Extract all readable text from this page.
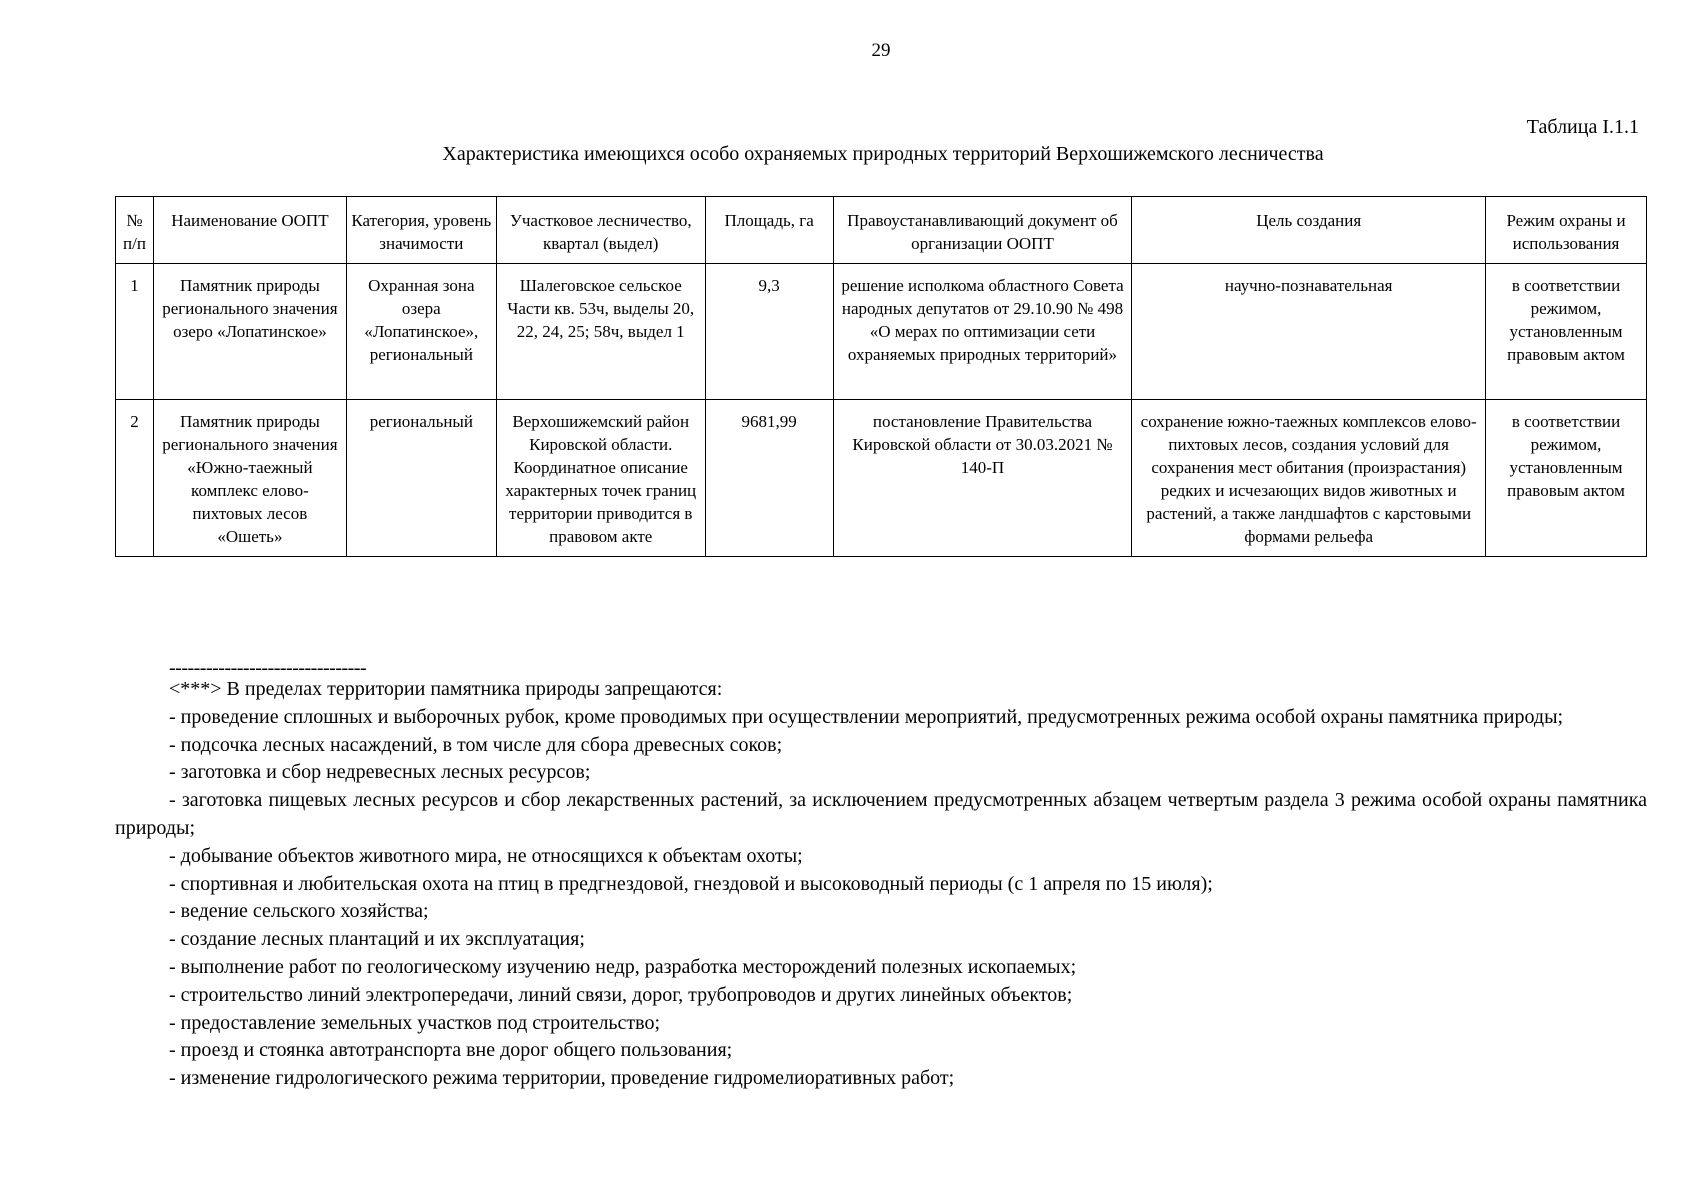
29
Таблица I.1.1
Характеристика имеющихся особо охраняемых природных территорий Верхошижемского лесничества
№ п/п	Наименование ООПТ	Категория, уровень значимости	Участковое лесничество, квартал (выдел)	Площадь, га	Правоустанавливающий документ об организации ООПТ	Цель создания	Режим охраны и использования
1	Памятник природы регионального значения озеро «Лопатинское»	Охранная зона озера «Лопатинское», региональный	Шалеговское сельское Части кв. 53ч, выделы 20, 22, 24, 25; 58ч, выдел 1	9,3	решение исполкома областного Совета народных депутатов от 29.10.90 № 498 «О мерах по оптимизации сети охраняемых природных территорий»	научно-познавательная	в соответствии режимом, установленным правовым актом
2	Памятник природы регионального значения «Южно-таежный комплекс елово-пихтовых лесов «Ошеть»	региональный	Верхошижемский район Кировской области. Координатное описание характерных точек границ территории приводится в правовом акте	9681,99	постановление Правительства Кировской области от 30.03.2021 № 140-П	сохранение южно-таежных комплексов елово-пихтовых лесов, создания условий для сохранения мест обитания (произрастания) редких и исчезающих видов животных и растений, а также ландшафтов с карстовыми формами рельефа	в соответствии режимом, установленным правовым актом

--------------------------------

<***> В пределах территории памятника природы запрещаются:

- проведение сплошных и выборочных рубок, кроме проводимых при осуществлении мероприятий, предусмотренных режима особой охраны памятника природы;

- подсочка лесных насаждений, в том числе для сбора древесных соков;

- заготовка и сбор недревесных лесных ресурсов;

- заготовка пищевых лесных ресурсов и сбор лекарственных растений, за исключением предусмотренных абзацем четвертым раздела 3 режима особой охраны памятника природы;

- добывание объектов животного мира, не относящихся к объектам охоты;

- спортивная и любительская охота на птиц в предгнездовой, гнездовой и высоководный периоды (с 1 апреля по 15 июля);

- ведение сельского хозяйства;

- создание лесных плантаций и их эксплуатация;

- выполнение работ по геологическому изучению недр, разработка месторождений полезных ископаемых;

- строительство линий электропередачи, линий связи, дорог, трубопроводов и других линейных объектов;

- предоставление земельных участков под строительство;

- проезд и стоянка автотранспорта вне дорог общего пользования;

- изменение гидрологического режима территории, проведение гидромелиоративных работ;
